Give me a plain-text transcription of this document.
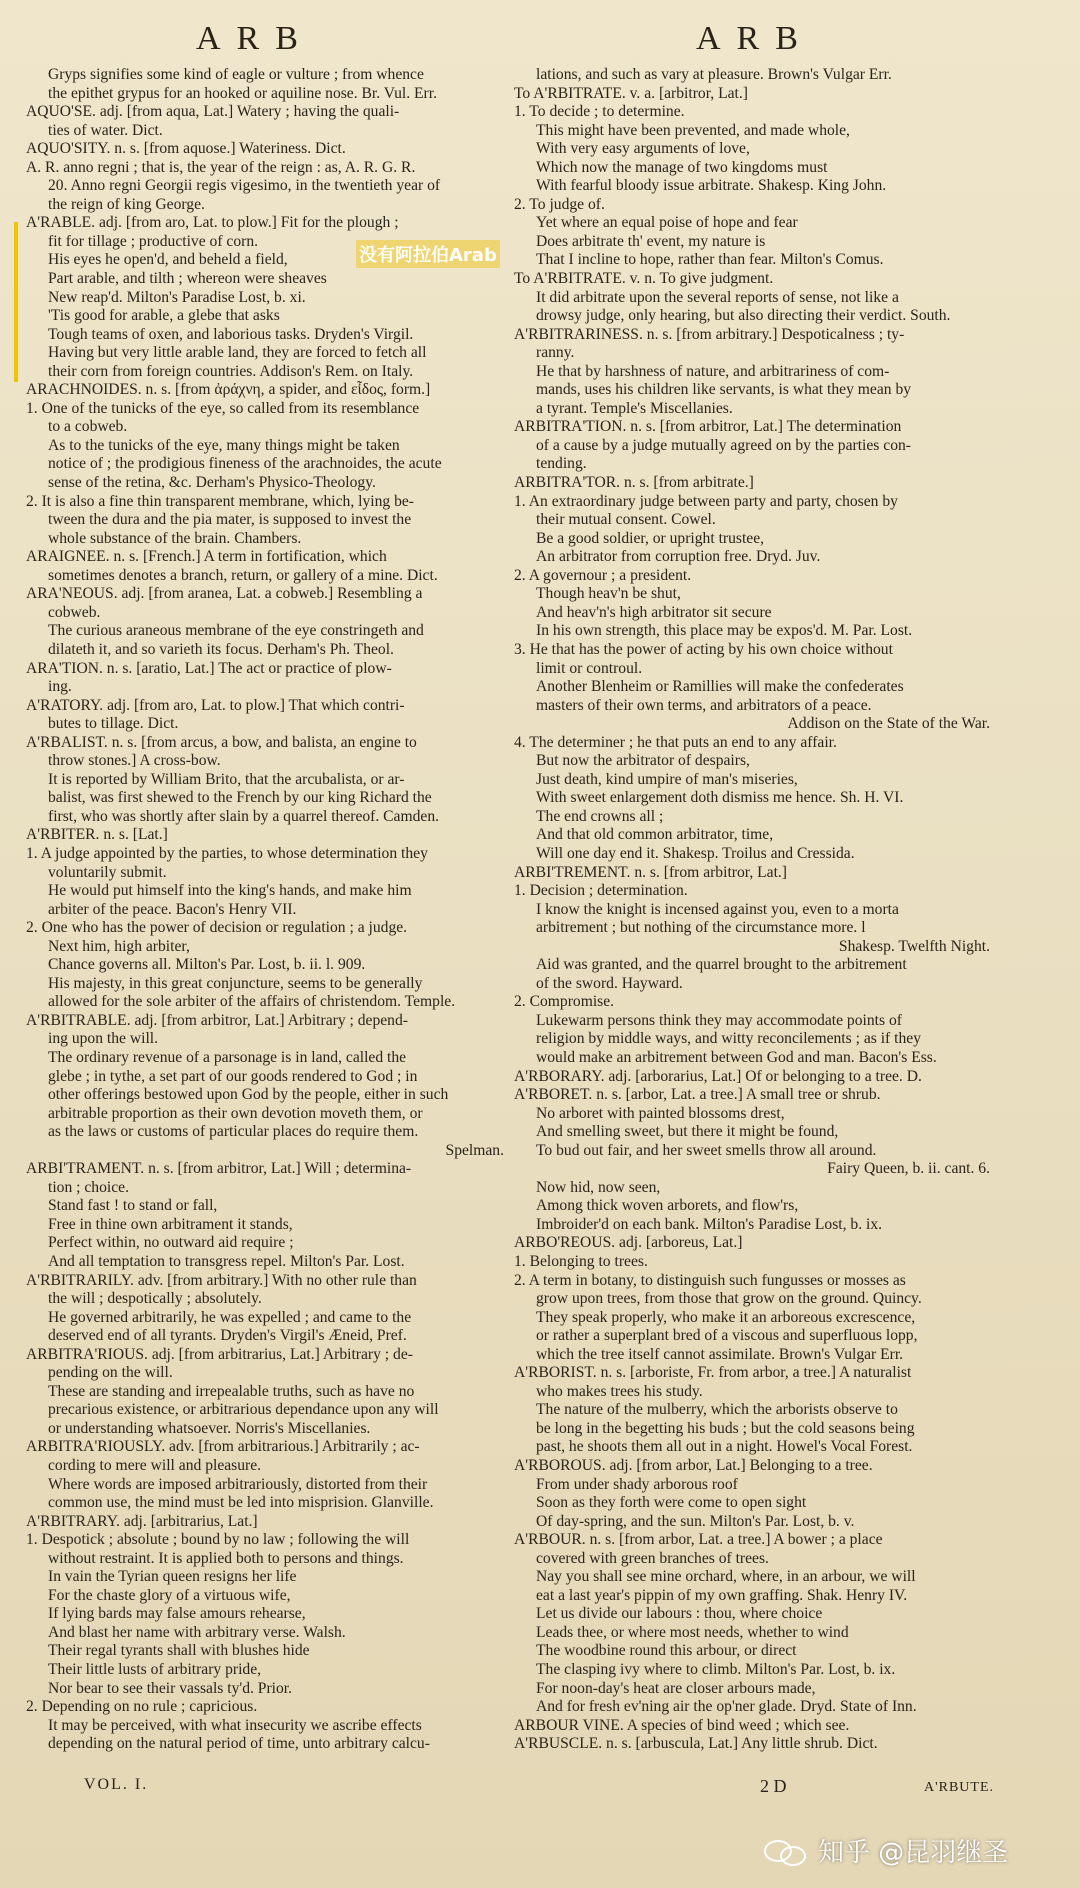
ARB	ARB
Gryps signifies some kind of eagle or vulture ; from whence
the epithet grypus for an hooked or aquiline nose. Br. Vul. Err.
AQUO'SE. adj. [from aqua, Lat.] Watery ; having the quali-
ties of water. Dict.
AQUO'SITY. n. s. [from aquose.] Wateriness. Dict.
A. R. anno regni ; that is, the year of the reign : as, A. R. G. R.
20. Anno regni Georgii regis vigesimo, in the twentieth year of
the reign of king George.
A'RABLE. adj. [from aro, Lat. to plow.] Fit for the plough ;
fit for tillage ; productive of corn.
His eyes he open'd, and beheld a field,
Part arable, and tilth ; whereon were sheaves
New reap'd. Milton's Paradise Lost, b. xi.
'Tis good for arable, a glebe that asks
Tough teams of oxen, and laborious tasks. Dryden's Virgil.
Having but very little arable land, they are forced to fetch all
their corn from foreign countries. Addison's Rem. on Italy.
ARACHNOIDES. n. s. [from ἀράχνη, a spider, and εἶδος, form.]
1. One of the tunicks of the eye, so called from its resemblance
to a cobweb.
As to the tunicks of the eye, many things might be taken
notice of ; the prodigious fineness of the arachnoides, the acute
sense of the retina, &c. Derham's Physico-Theology.
2. It is also a fine thin transparent membrane, which, lying be-
tween the dura and the pia mater, is supposed to invest the
whole substance of the brain. Chambers.
ARAIGNEE. n. s. [French.] A term in fortification, which
sometimes denotes a branch, return, or gallery of a mine. Dict.
ARA'NEOUS. adj. [from aranea, Lat. a cobweb.] Resembling a
cobweb.
The curious araneous membrane of the eye constringeth and
dilateth it, and so varieth its focus. Derham's Ph. Theol.
ARA'TION. n. s. [aratio, Lat.] The act or practice of plow-
ing.
A'RATORY. adj. [from aro, Lat. to plow.] That which contri-
butes to tillage. Dict.
A'RBALIST. n. s. [from arcus, a bow, and balista, an engine to
throw stones.] A cross-bow.
It is reported by William Brito, that the arcubalista, or ar-
balist, was first shewed to the French by our king Richard the
first, who was shortly after slain by a quarrel thereof. Camden.
A'RBITER. n. s. [Lat.]
1. A judge appointed by the parties, to whose determination they
voluntarily submit.
He would put himself into the king's hands, and make him
arbiter of the peace. Bacon's Henry VII.
2. One who has the power of decision or regulation ; a judge.
Next him, high arbiter,
Chance governs all. Milton's Par. Lost, b. ii. l. 909.
His majesty, in this great conjuncture, seems to be generally
allowed for the sole arbiter of the affairs of christendom. Temple.
A'RBITRABLE. adj. [from arbitror, Lat.] Arbitrary ; depend-
ing upon the will.
The ordinary revenue of a parsonage is in land, called the
glebe ; in tythe, a set part of our goods rendered to God ; in
other offerings bestowed upon God by the people, either in such
arbitrable proportion as their own devotion moveth them, or
as the laws or customs of particular places do require them.
Spelman.
ARBI'TRAMENT. n. s. [from arbitror, Lat.] Will ; determina-
tion ; choice.
Stand fast ! to stand or fall,
Free in thine own arbitrament it stands,
Perfect within, no outward aid require ;
And all temptation to transgress repel. Milton's Par. Lost.
A'RBITRARILY. adv. [from arbitrary.] With no other rule than
the will ; despotically ; absolutely.
He governed arbitrarily, he was expelled ; and came to the
deserved end of all tyrants. Dryden's Virgil's Æneid, Pref.
ARBITRA'RIOUS. adj. [from arbitrarius, Lat.] Arbitrary ; de-
pending on the will.
These are standing and irrepealable truths, such as have no
precarious existence, or arbitrarious dependance upon any will
or understanding whatsoever. Norris's Miscellanies.
ARBITRA'RIOUSLY. adv. [from arbitrarious.] Arbitrarily ; ac-
cording to mere will and pleasure.
Where words are imposed arbitrariously, distorted from their
common use, the mind must be led into misprision. Glanville.
A'RBITRARY. adj. [arbitrarius, Lat.]
1. Despotick ; absolute ; bound by no law ; following the will
without restraint. It is applied both to persons and things.
In vain the Tyrian queen resigns her life
For the chaste glory of a virtuous wife,
If lying bards may false amours rehearse,
And blast her name with arbitrary verse. Walsh.
Their regal tyrants shall with blushes hide
Their little lusts of arbitrary pride,
Nor bear to see their vassals ty'd. Prior.
2. Depending on no rule ; capricious.
It may be perceived, with what insecurity we ascribe effects
depending on the natural period of time, unto arbitrary calcu-
lations, and such as vary at pleasure. Brown's Vulgar Err.
To A'RBITRATE. v. a. [arbitror, Lat.]
1. To decide ; to determine.
This might have been prevented, and made whole,
With very easy arguments of love,
Which now the manage of two kingdoms must
With fearful bloody issue arbitrate. Shakesp. King John.
2. To judge of.
Yet where an equal poise of hope and fear
Does arbitrate th' event, my nature is
That I incline to hope, rather than fear. Milton's Comus.
To A'RBITRATE. v. n. To give judgment.
It did arbitrate upon the several reports of sense, not like a
drowsy judge, only hearing, but also directing their verdict. South.
A'RBITRARINESS. n. s. [from arbitrary.] Despoticalness ; ty-
ranny.
He that by harshness of nature, and arbitrariness of com-
mands, uses his children like servants, is what they mean by
a tyrant. Temple's Miscellanies.
ARBITRA'TION. n. s. [from arbitror, Lat.] The determination
of a cause by a judge mutually agreed on by the parties con-
tending.
ARBITRA'TOR. n. s. [from arbitrate.]
1. An extraordinary judge between party and party, chosen by
their mutual consent. Cowel.
Be a good soldier, or upright trustee,
An arbitrator from corruption free. Dryd. Juv.
2. A governour ; a president.
Though heav'n be shut,
And heav'n's high arbitrator sit secure
In his own strength, this place may be expos'd. M. Par. Lost.
3. He that has the power of acting by his own choice without
limit or controul.
Another Blenheim or Ramillies will make the confederates
masters of their own terms, and arbitrators of a peace.
Addison on the State of the War.
4. The determiner ; he that puts an end to any affair.
But now the arbitrator of despairs,
Just death, kind umpire of man's miseries,
With sweet enlargement doth dismiss me hence. Sh. H. VI.
The end crowns all ;
And that old common arbitrator, time,
Will one day end it. Shakesp. Troilus and Cressida.
ARBI'TREMENT. n. s. [from arbitror, Lat.]
1. Decision ; determination.
I know the knight is incensed against you, even to a morta
arbitrement ; but nothing of the circumstance more. l
Shakesp. Twelfth Night.
Aid was granted, and the quarrel brought to the arbitrement
of the sword. Hayward.
2. Compromise.
Lukewarm persons think they may accommodate points of
religion by middle ways, and witty reconcilements ; as if they
would make an arbitrement between God and man. Bacon's Ess.
A'RBORARY. adj. [arborarius, Lat.] Of or belonging to a tree. D.
A'RBORET. n. s. [arbor, Lat. a tree.] A small tree or shrub.
No arboret with painted blossoms drest,
And smelling sweet, but there it might be found,
To bud out fair, and her sweet smells throw all around.
Fairy Queen, b. ii. cant. 6.
Now hid, now seen,
Among thick woven arborets, and flow'rs,
Imbroider'd on each bank. Milton's Paradise Lost, b. ix.
ARBO'REOUS. adj. [arboreus, Lat.]
1. Belonging to trees.
2. A term in botany, to distinguish such fungusses or mosses as
grow upon trees, from those that grow on the ground. Quincy.
They speak properly, who make it an arboreous excrescence,
or rather a superplant bred of a viscous and superfluous lopp,
which the tree itself cannot assimilate. Brown's Vulgar Err.
A'RBORIST. n. s. [arboriste, Fr. from arbor, a tree.] A naturalist
who makes trees his study.
The nature of the mulberry, which the arborists observe to
be long in the begetting his buds ; but the cold seasons being
past, he shoots them all out in a night. Howel's Vocal Forest.
A'RBOROUS. adj. [from arbor, Lat.] Belonging to a tree.
From under shady arborous roof
Soon as they forth were come to open sight
Of day-spring, and the sun. Milton's Par. Lost, b. v.
A'RBOUR. n. s. [from arbor, Lat. a tree.] A bower ; a place
covered with green branches of trees.
Nay you shall see mine orchard, where, in an arbour, we will
eat a last year's pippin of my own graffing. Shak. Henry IV.
Let us divide our labours : thou, where choice
Leads thee, or where most needs, whether to wind
The woodbine round this arbour, or direct
The clasping ivy where to climb. Milton's Par. Lost, b. ix.
For noon-day's heat are closer arbours made,
And for fresh ev'ning air the op'ner glade. Dryd. State of Inn.
ARBOUR VINE. A species of bind weed ; which see.
A'RBUSCLE. n. s. [arbuscula, Lat.] Any little shrub. Dict.
没有阿拉伯Arab
VOL. I.	2 D	A'RBUTE.
知乎 @昆羽继圣
